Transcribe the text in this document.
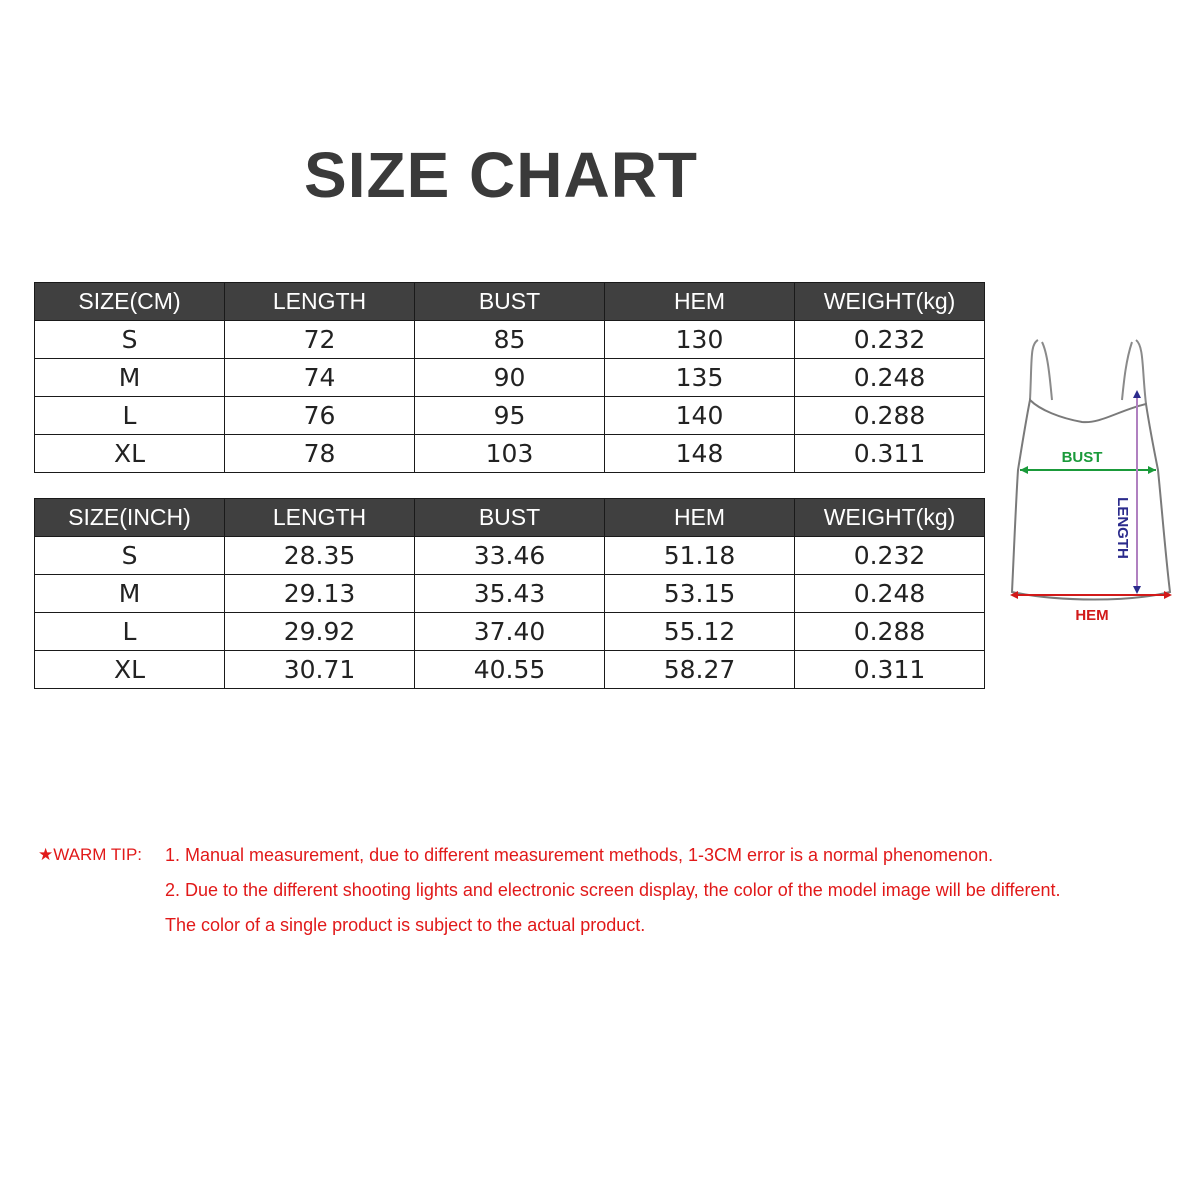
SIZE CHART
SIZE(CM)	LENGTH	BUST	HEM	WEIGHT(kg)
S	72	85	130	0.232
M	74	90	135	0.248
L	76	95	140	0.288
XL	78	103	148	0.311
SIZE(INCH)	LENGTH	BUST	HEM	WEIGHT(kg)
S	28.35	33.46	51.18	0.232
M	29.13	35.43	53.15	0.248
L	29.92	37.40	55.12	0.288
XL	30.71	40.55	58.27	0.311
BUST
LENGTH
HEM
★WARM TIP: 1. Manual measurement, due to different measurement methods, 1-3CM error is a normal phenomenon.
2. Due to the different shooting lights and electronic screen display, the color of the model image will be different.
The color of a single product is subject to the actual product.
